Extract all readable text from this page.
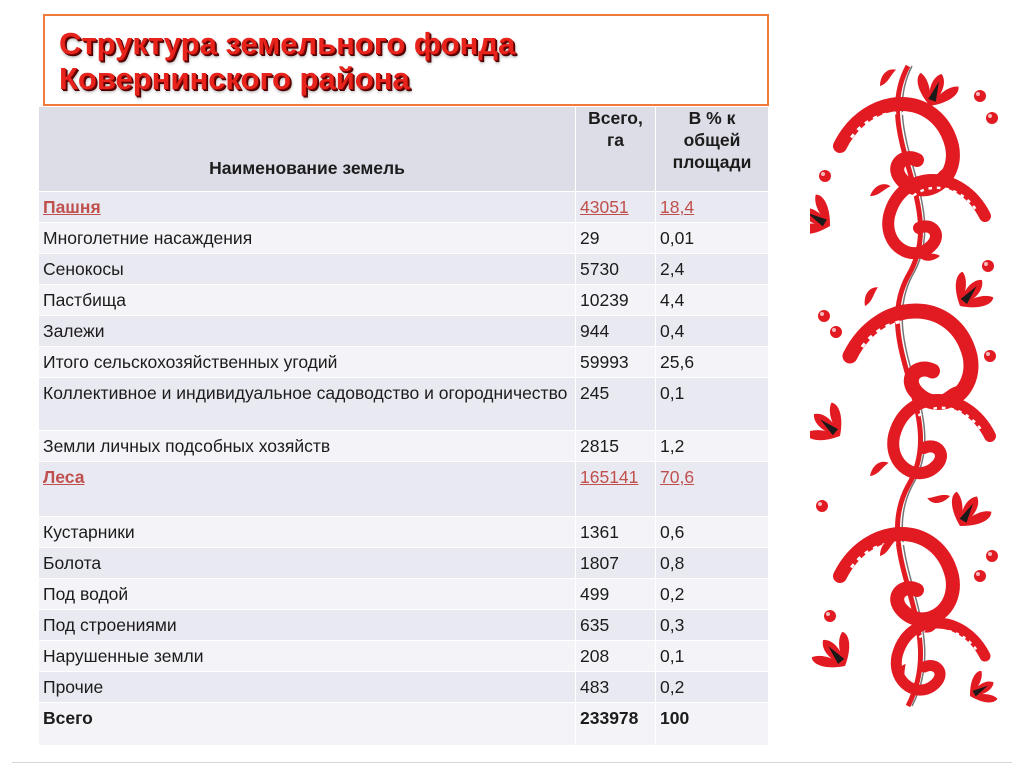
Структура земельного фонда
Ковернинского района
Наименование земель	Всего, га	В % к общей площади
Пашня	43051	18,4
Многолетние насаждения	29	0,01
Сенокосы	5730	2,4
Пастбища	10239	4,4
Залежи	944	0,4
Итого сельскохозяйственных угодий	59993	25,6
Коллективное и индивидуальное садоводство и огородничество	245	0,1
Земли личных подсобных хозяйств	2815	1,2
Леса	165141	70,6
Кустарники	1361	0,6
Болота	1807	0,8
Под водой	499	0,2
Под строениями	635	0,3
Нарушенные земли	208	0,1
Прочие	483	0,2
Всего	233978	100
